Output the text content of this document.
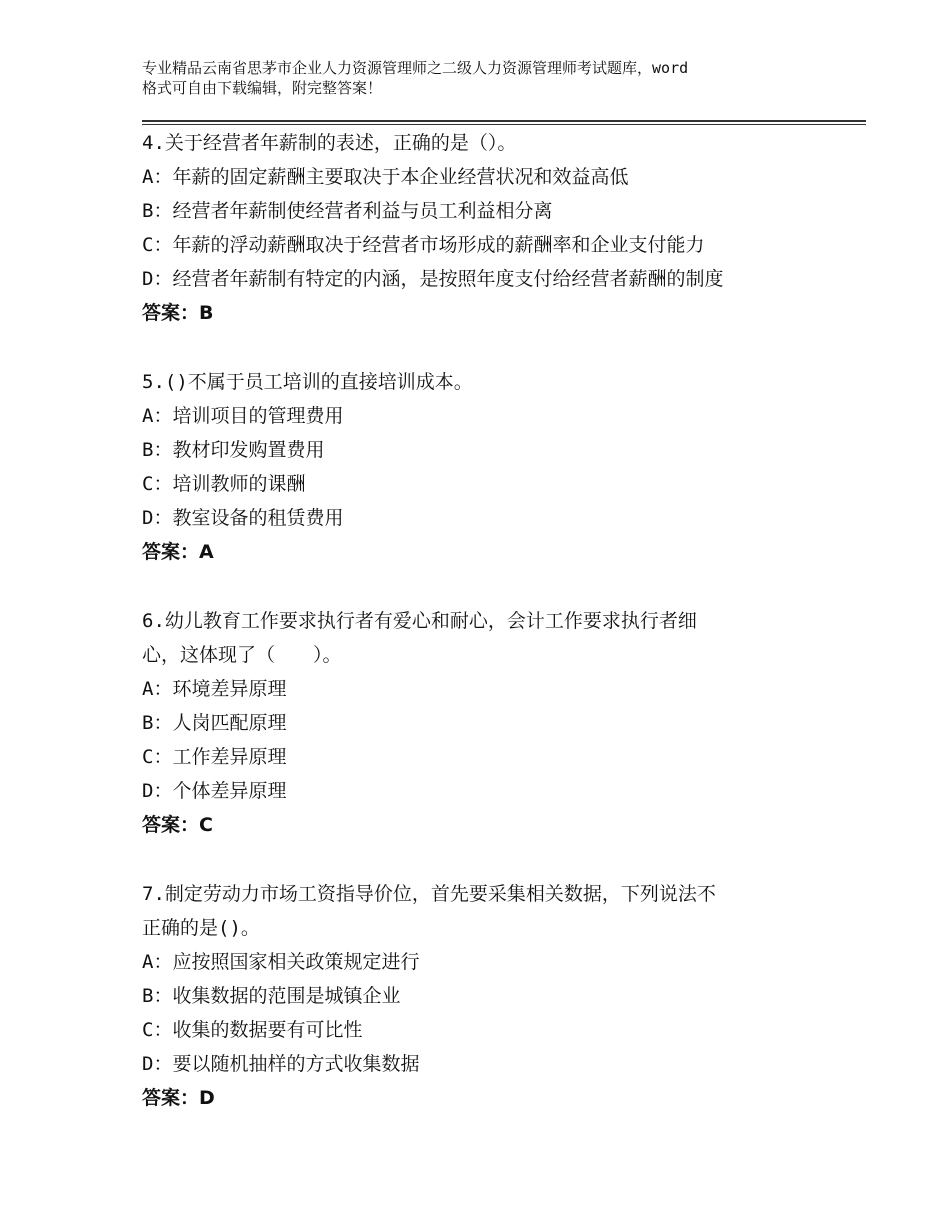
专业精品云南省思茅市企业人力资源管理师之二级人力资源管理师考试题库，word
格式可自由下载编辑，附完整答案！
4.关于经营者年薪制的表述，正确的是（）。
A：年薪的固定薪酬主要取决于本企业经营状况和效益高低
B：经营者年薪制使经营者利益与员工利益相分离
C：年薪的浮动薪酬取决于经营者市场形成的薪酬率和企业支付能力
D：经营者年薪制有特定的内涵，是按照年度支付给经营者薪酬的制度
答案：B
5.()不属于员工培训的直接培训成本。
A：培训项目的管理费用
B：教材印发购置费用
C：培训教师的课酬
D：教室设备的租赁费用
答案：A
6.幼儿教育工作要求执行者有爱心和耐心，会计工作要求执行者细
心，这体现了（　　）。
A：环境差异原理
B：人岗匹配原理
C：工作差异原理
D：个体差异原理
答案：C
7.制定劳动力市场工资指导价位，首先要采集相关数据，下列说法不
正确的是()。
A：应按照国家相关政策规定进行
B：收集数据的范围是城镇企业
C：收集的数据要有可比性
D：要以随机抽样的方式收集数据
答案：D
